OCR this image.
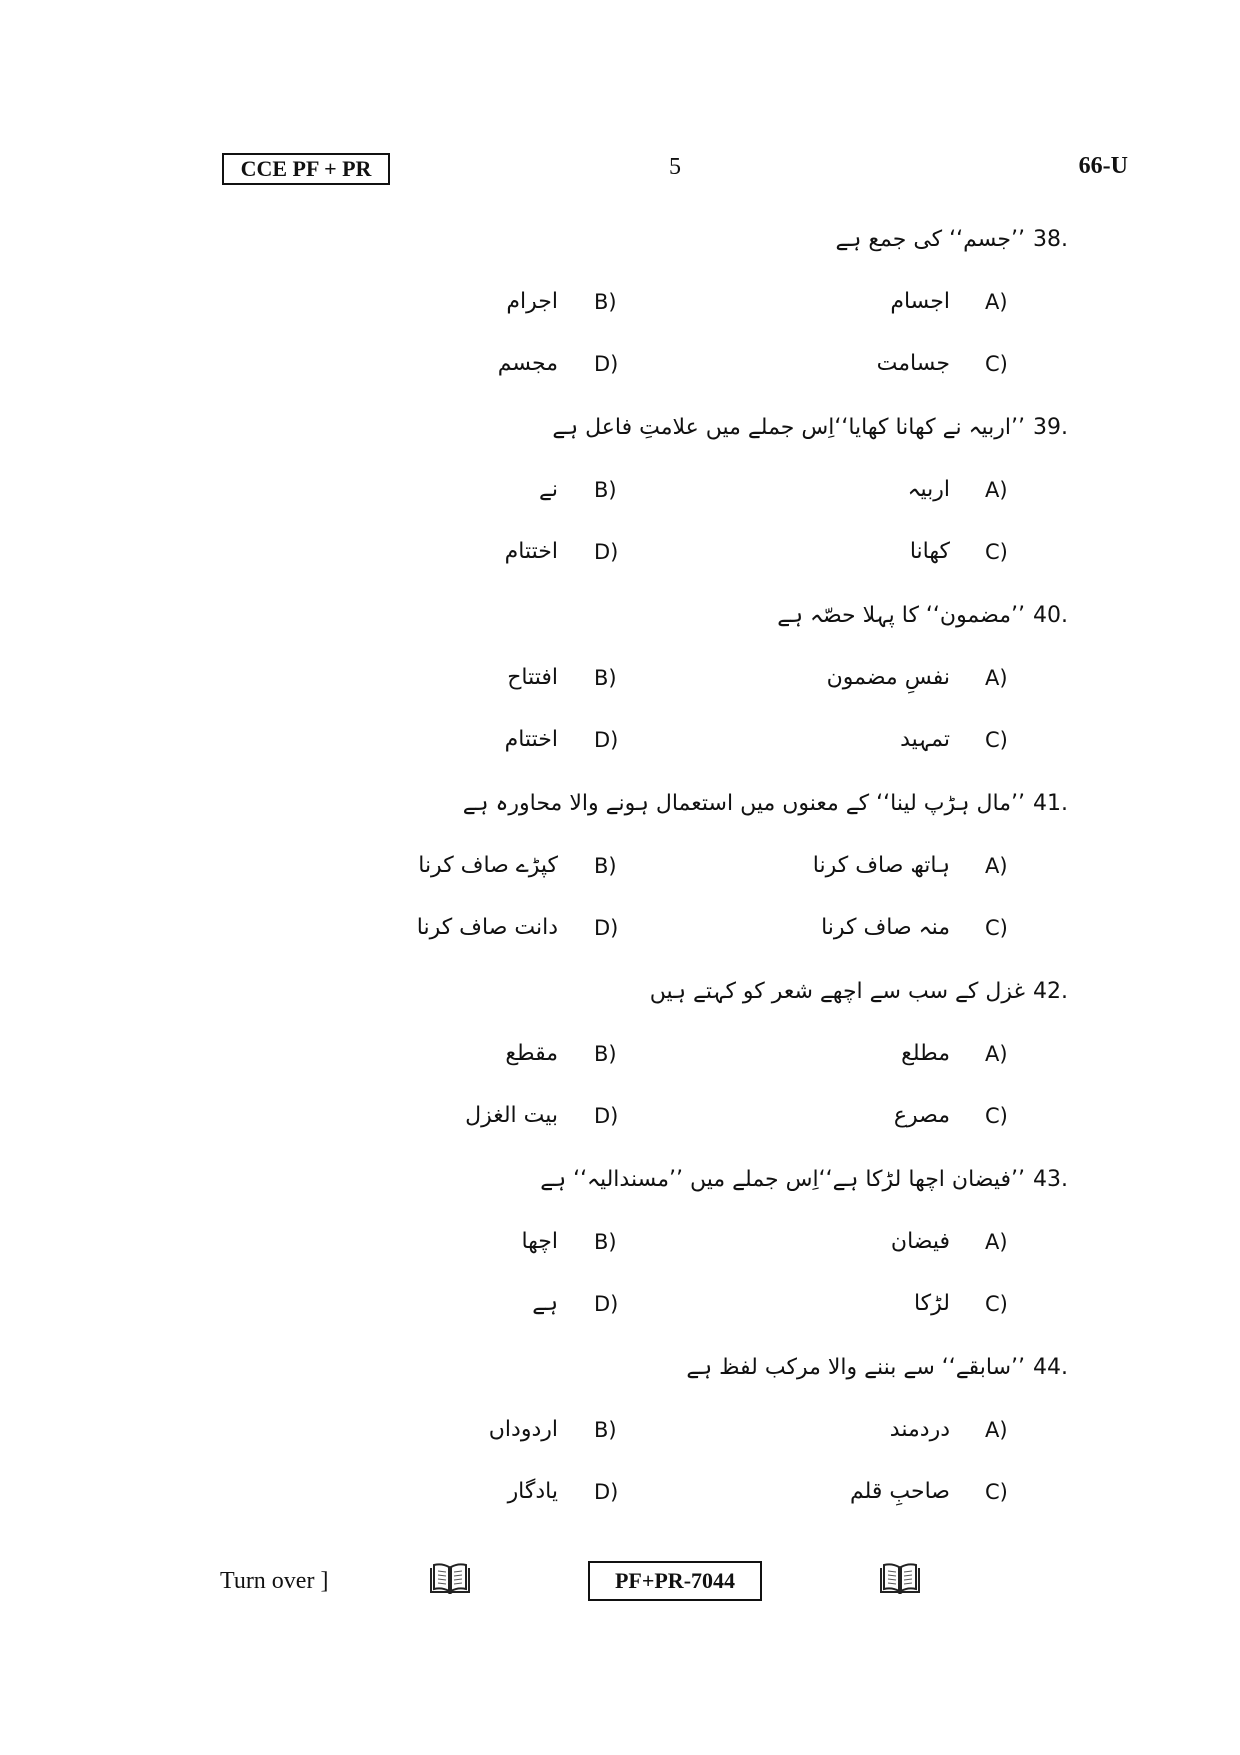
CCE PF + PR	5	66-U
38.
’’جسم‘‘ کی جمع ہے
A)
اجسام
B)
اجرام
C)
جسامت
D)
مجسم
39.
’’اربیہ نے کھانا کھایا‘‘اِس جملے میں علامتِ فاعل ہے
A)
اربیہ
B)
نے
C)
کھانا
D)
اختتام
40.
’’مضمون‘‘ کا پہلا حصّہ ہے
A)
نفسِ مضمون
B)
افتتاح
C)
تمہید
D)
اختتام
41.
’’مال ہڑپ لینا‘‘ کے معنوں میں استعمال ہونے والا محاورہ ہے
A)
ہاتھ صاف کرنا
B)
کپڑے صاف کرنا
C)
منہ صاف کرنا
D)
دانت صاف کرنا
42.
غزل کے سب سے اچھے شعر کو کہتے ہیں
A)
مطلع
B)
مقطع
C)
مصرع
D)
بیت الغزل
43.
’’فیضان اچھا لڑکا ہے‘‘اِس جملے میں ’’مسندالیہ‘‘ ہے
A)
فیضان
B)
اچھا
C)
لڑکا
D)
ہے
44.
’’سابقے‘‘ سے بننے والا مرکب لفظ ہے
A)
دردمند
B)
اردوداں
C)
صاحبِ قلم
D)
یادگار
Turn over ]	PF+PR-7044
